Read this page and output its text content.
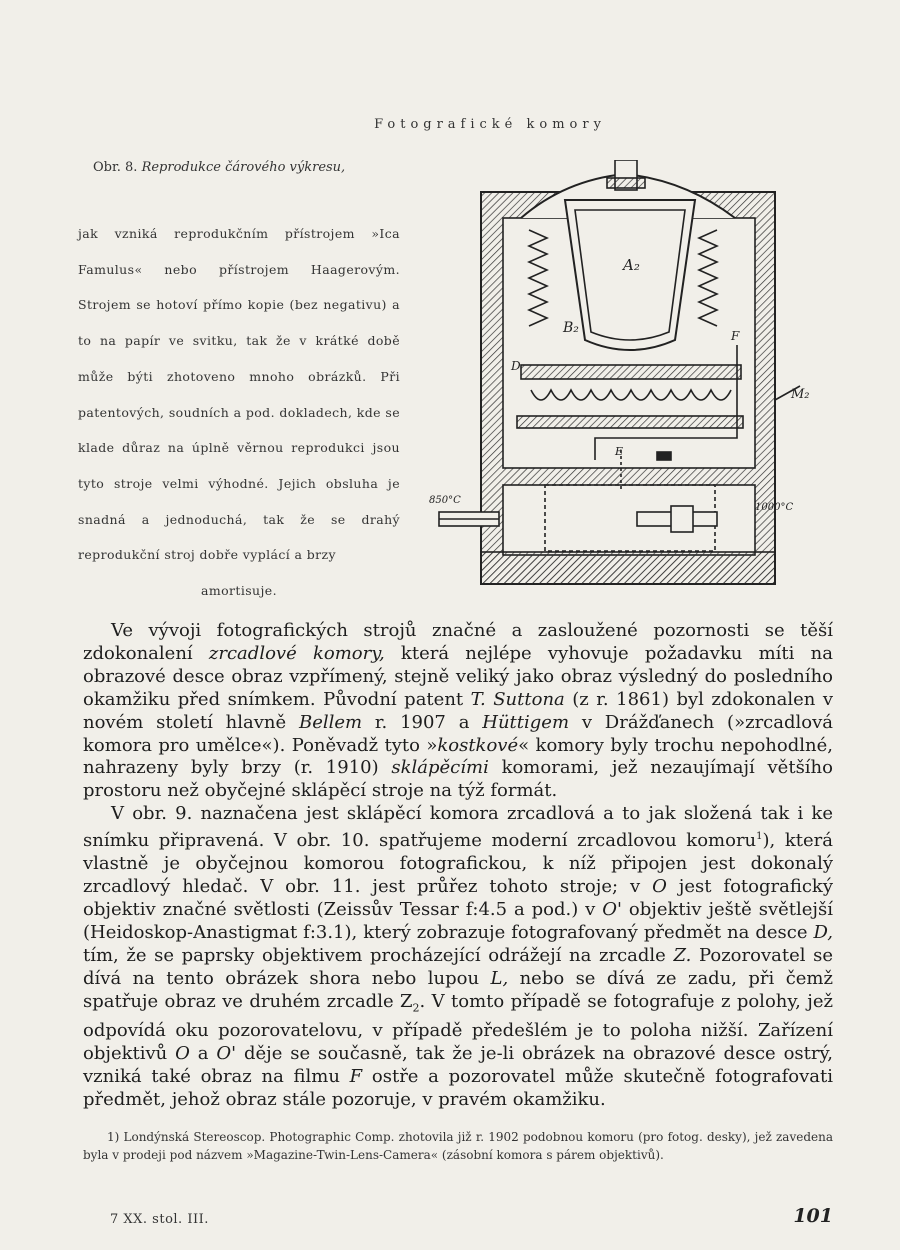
Fotografické komory
Obr. 8. Reprodukce čárového výkresu,
jak vzniká reprodukčním přístrojem »Ica Famulus« nebo přístrojem Haagerovým. Strojem se hotoví přímo kopie (bez negativu) a to na papír ve svitku, tak že v krátké době může býti zhotoveno mnoho obrázků. Při patentových, soudních a pod. dokladech, kde se klade důraz na úplně věrnou reprodukci jsou tyto stroje velmi výhodné. Jejich obsluha je snadná a jednoduchá, tak že se drahý reprodukční stroj dobře vyplácí a brzy
amortisuje.
A₂
B₂
D
F
M₂
E
850°C
1000°C

Ve vývoji fotografických strojů značné a zasloužené pozornosti se těší zdokonalení zrcadlové komory, která nejlépe vyhovuje požadavku míti na obrazové desce obraz vzpřímený, stejně veliký jako obraz výsledný do posledního okamžiku před snímkem. Původní patent T. Suttona (z r. 1861) byl zdokonalen v novém století hlavně Bellem r. 1907 a Hüttigem v Drážďanech (»zrcadlová komora pro umělce«). Poněvadž tyto »kostkové« komory byly trochu nepohodlné, nahrazeny byly brzy (r. 1910) sklápěcími komorami, jež nezaujímají většího prostoru než obyčejné sklápěcí stroje na týž formát.

V obr. 9. naznačena jest sklápěcí komora zrcadlová a to jak složená tak i ke snímku připravená. V obr. 10. spatřujeme moderní zrcadlovou komoru$^1$), která vlastně je obyčejnou komorou fotografickou, k níž připojen jest dokonalý zrcadlový hledač. V obr. 11. jest průřez tohoto stroje; v O jest fotografický objektiv značné světlosti (Zeissův Tessar f:4.5 a pod.) v O' objektiv ještě světlejší (Heidoskop-Anastigmat f:3.1), který zobrazuje fotografovaný předmět na desce D, tím, že se paprsky objektivem procházející odrážejí na zrcadle Z. Pozorovatel se dívá na tento obrázek shora nebo lupou L, nebo se dívá ze zadu, při čemž spatřuje obraz ve druhém zrcadle $Z_2$. V tomto případě se fotografuje z polohy, jež odpovídá oku pozorovatelovu, v případě předešlém je to poloha nižší. Zařízení objektivů O a O' děje se současně, tak že je-li obrázek na obrazové desce ostrý, vzniká také obraz na filmu F ostře a pozorovatel může skutečně fotografovati předmět, jehož obraz stále pozoruje, v pravém okamžiku.

1) Londýnská Stereoscop. Photographic Comp. zhotovila již r. 1902 podobnou komoru (pro fotog. desky), jež zavedena byla v prodeji pod názvem »Magazine-Twin-Lens-Camera« (zásobní komora s párem objektivů).

7 XX. stol. III.	101
